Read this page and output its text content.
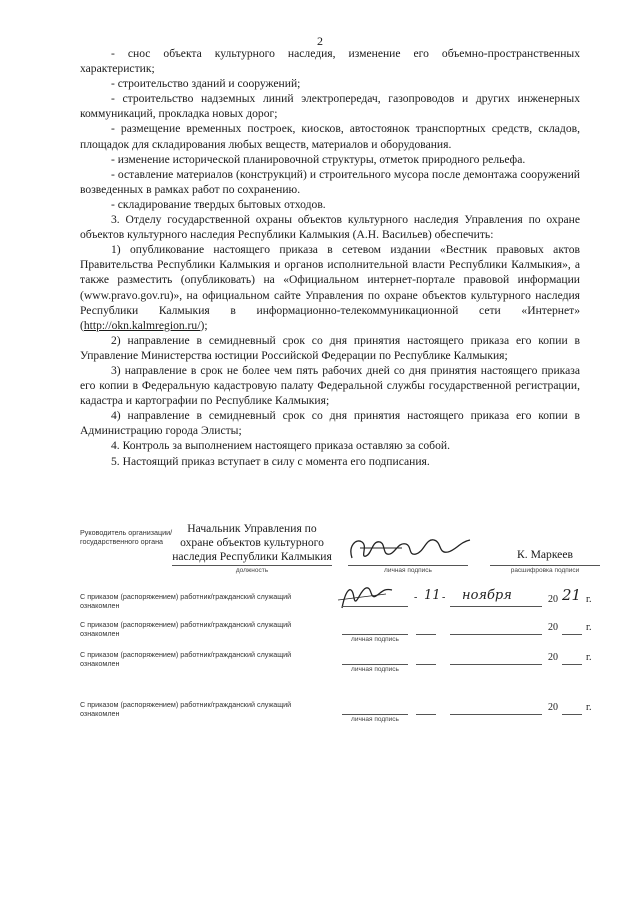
2

- снос объекта культурного наследия, изменение его объемно-пространственных характеристик;

- строительство зданий и сооружений;

- строительство надземных линий электропередач, газопроводов и других инженерных коммуникаций, прокладка новых дорог;

- размещение временных построек, киосков, автостоянок транспортных средств, складов, площадок для складирования любых веществ, материалов и оборудования.

- изменение исторической планировочной структуры, отметок природного рельефа.

- оставление материалов (конструкций) и строительного мусора после демонтажа сооружений возведенных в рамках работ по сохранению.

- складирование твердых бытовых отходов.

3. Отделу государственной охраны объектов культурного наследия Управления по охране объектов культурного наследия Республики Калмыкия (А.Н. Васильев) обеспечить:

1) опубликование настоящего приказа в сетевом издании «Вестник правовых актов Правительства Республики Калмыкия и органов исполнительной власти Республики Калмыкия», а также разместить (опубликовать) на «Официальном интернет-портале правовой информации (www.pravo.gov.ru)», на официальном сайте Управления по охране объектов культурного наследия Республики Калмыкия в информационно-телекоммуникационной сети «Интернет» (http://okn.kalmregion.ru/);

2) направление в семидневный срок со дня принятия настоящего приказа его копии в Управление Министерства юстиции Российской Федерации по Республике Калмыкия;

3) направление в срок не более чем пять рабочих дней со дня принятия настоящего приказа его копии в Федеральную кадастровую палату Федеральной службы государственной регистрации, кадастра и картографии по Республике Калмыкия;

4) направление в семидневный срок со дня принятия настоящего приказа его копии в Администрацию города Элисты;

4. Контроль за выполнением настоящего приказа оставляю за собой.

5. Настоящий приказ вступает в силу с момента его подписания.

Руководитель организации/государственного органа
Начальник Управления по охране объектов культурного наследия Республики Калмыкия
должность	личная подпись
К. Маркеев
расшифровка подписи
С приказом (распоряжением) работник/гражданский служащий ознакомлен
- 11 - ноября	20 21 г.
С приказом (распоряжением) работник/гражданский служащий ознакомлен
личная подпись
20	г.
С приказом (распоряжением) работник/гражданский служащий ознакомлен
личная подпись
20	г.
С приказом (распоряжением) работник/гражданский служащий ознакомлен
личная подпись
20	г.
